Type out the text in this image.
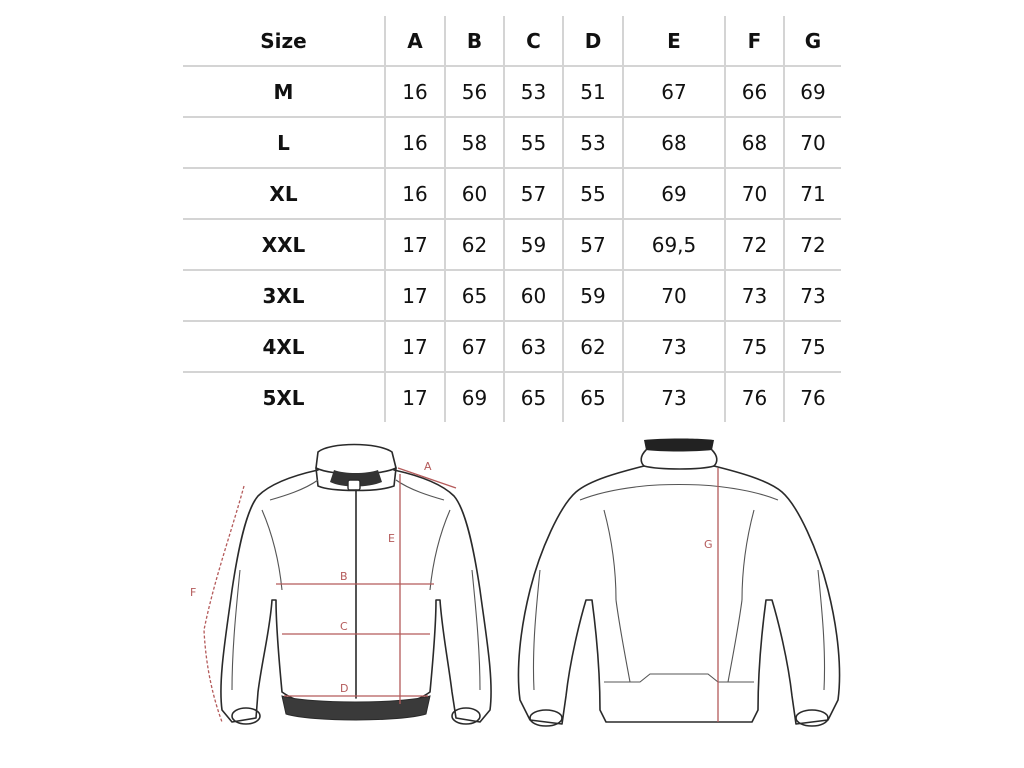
Size	A	B	C	D	E	F	G
M	16	56	53	51	67	66	69
L	16	58	55	53	68	68	70
XL	16	60	57	55	69	70	71
XXL	17	62	59	57	69,5	72	72
3XL	17	65	60	59	70	73	73
4XL	17	67	63	62	73	75	75
5XL	17	69	65	65	73	76	76
A
E
B
C
D
F
G
